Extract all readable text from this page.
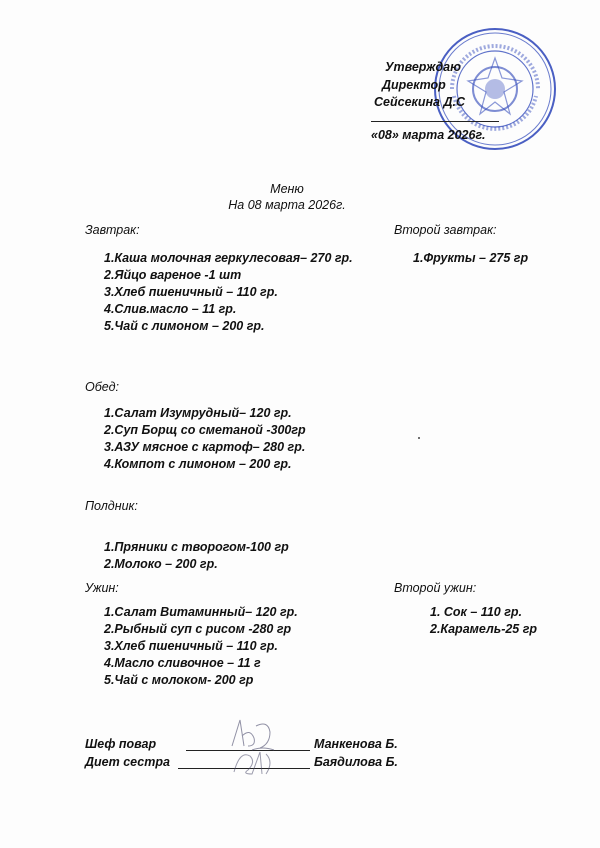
Утверждаю
Директор
Сейсекина Д.С
«08» марта 2026г.
Меню
На 08 марта 2026г.
Завтрак:
1.Каша молочная геркулесовая– 270 гр.
2.Яйцо вареное -1 шт
3.Хлеб пшеничный – 110 гр.
4.Слив.масло – 11 гр.
5.Чай с лимоном – 200 гр.
Второй завтрак:
1.Фрукты – 275 гр
Обед:
1.Салат Изумрудный– 120 гр.
2.Суп Борщ со сметаной -300гр
3.АЗУ мясное с картоф– 280 гр.
4.Компот с лимоном – 200 гр.
Полдник:
1.Пряники с творогом-100 гр
2.Молоко – 200 гр.
Ужин:
1.Салат Витаминный– 120 гр.
2.Рыбный суп с рисом -280 гр
3.Хлеб пшеничный – 110 гр.
4.Масло сливочное – 11 г
5.Чай с молоком- 200 гр
Второй ужин:
1. Сок – 110 гр.
2.Карамель-25 гр
Шеф повар	Манкенова Б.
Диет сестра	Баядилова Б.
